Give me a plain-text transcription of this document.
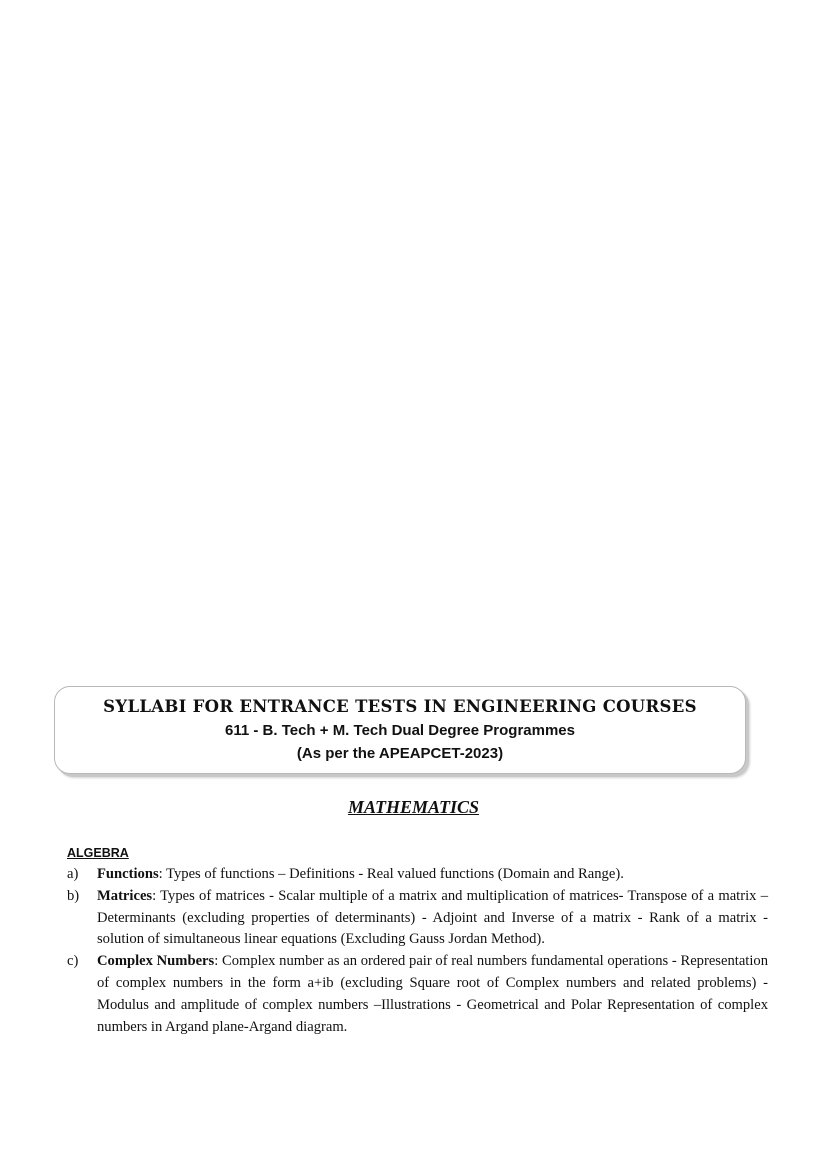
SYLLABI FOR ENTRANCE TESTS IN ENGINEERING COURSES
611 - B. Tech + M. Tech Dual Degree Programmes
(As per the APEAPCET-2023)
MATHEMATICS
ALGEBRA
a) Functions: Types of functions – Definitions - Real valued functions (Domain and Range).
b) Matrices: Types of matrices - Scalar multiple of a matrix and multiplication of matrices- Transpose of a matrix – Determinants (excluding properties of determinants) - Adjoint and Inverse of a matrix - Rank of a matrix - solution of simultaneous linear equations (Excluding Gauss Jordan Method).
c) Complex Numbers: Complex number as an ordered pair of real numbers fundamental operations - Representation of complex numbers in the form a+ib (excluding Square root of Complex numbers and related problems) - Modulus and amplitude of complex numbers –Illustrations - Geometrical and Polar Representation of complex numbers in Argand plane-Argand diagram.
